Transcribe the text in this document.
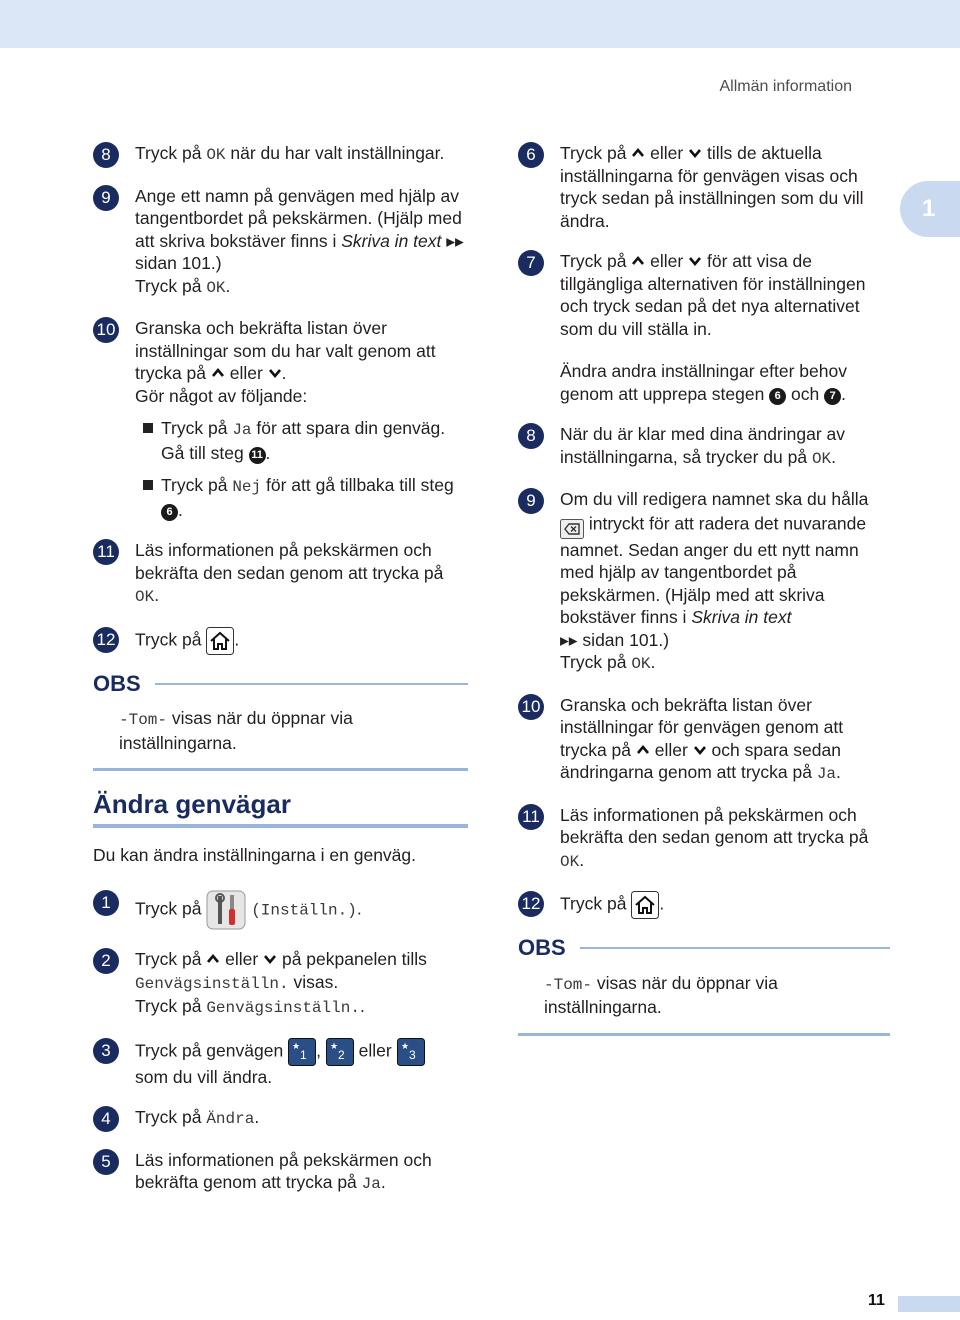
Allmän information
1
8	Tryck på OK när du har valt inställningar.
9	Ange ett namn på genvägen med hjälp av tangentbordet på pekskärmen. (Hjälp med att skriva bokstäver finns i Skriva in text ▸▸ sidan 101.)
Tryck på OK.
10 Granska och bekräfta listan över inställningar som du har valt genom att trycka på  eller .
Gör något av följande:
Tryck på Ja för att spara din genväg. Gå till steg 11 .
Tryck på Nej för att gå tillbaka till steg 6 .
11 Läs informationen på pekskärmen och bekräfta den sedan genom att trycka på OK.
12 Tryck på .
OBS
-Tom- visas när du öppnar via inställningarna.
Ändra genvägar
Du kan ändra inställningarna i en genväg.
1	Tryck på	(Inställn.).
2	Tryck på  eller  på pekpanelen tills Genvägsinställn. visas.
Tryck på Genvägsinställn..
3	Tryck på genvägen ★
1 , ★
2 eller ★
3

som du vill ändra.
4	Tryck på Ändra.
5	Läs informationen på pekskärmen och bekräfta genom att trycka på Ja.
6	Tryck på  eller  tills de aktuella inställningarna för genvägen visas och tryck sedan på inställningen som du vill ändra.
7	Tryck på  eller  för att visa de tillgängliga alternativen för inställningen och tryck sedan på det nya alternativet som du vill ställa in.
Ändra andra inställningar efter behov genom att upprepa stegen 6 och 7 .
8	När du är klar med dina ändringar av inställningarna, så trycker du på OK.
9	Om du vill redigera namnet ska du hålla
intryckt för att radera det nuvarande namnet. Sedan anger du ett nytt namn med hjälp av tangentbordet på pekskärmen. (Hjälp med att skriva bokstäver finns i Skriva in text
▸▸ sidan 101.)
Tryck på OK.
10 Granska och bekräfta listan över inställningar för genvägen genom att trycka på  eller  och spara sedan ändringarna genom att trycka på Ja.
11 Läs informationen på pekskärmen och bekräfta den sedan genom att trycka på OK.
12 Tryck på .
OBS
-Tom- visas när du öppnar via inställningarna.
11
